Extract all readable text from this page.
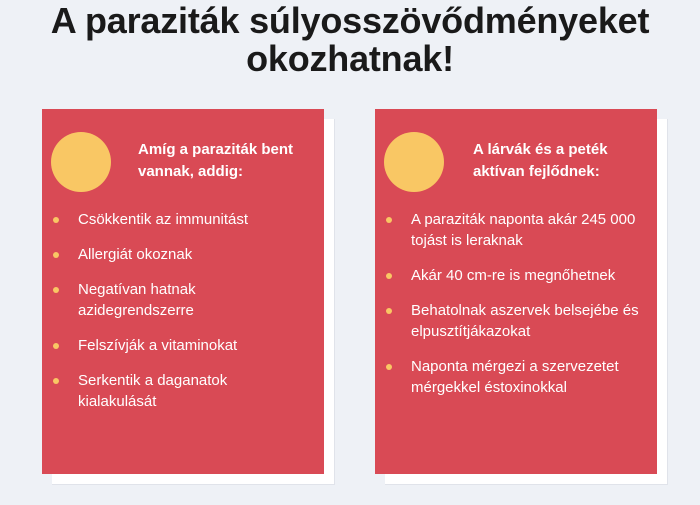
A paraziták súlyosszövődményeket okozhatnak!
Amíg a paraziták bent vannak, addig:
Csökkentik az immunitást
Allergiát okoznak
Negatívan hatnak azidegrendszerre
Felszívják a vitaminokat
Serkentik a daganatok kialakulását
A lárvák és a peték aktívan fejlődnek:
A paraziták naponta akár 245 000 tojást is leraknak
Akár 40 cm-re is megnőhetnek
Behatolnak aszervek belsejébe és elpusztítjákazokat
Naponta mérgezi a szervezetet mérgekkel éstoxinokkal
